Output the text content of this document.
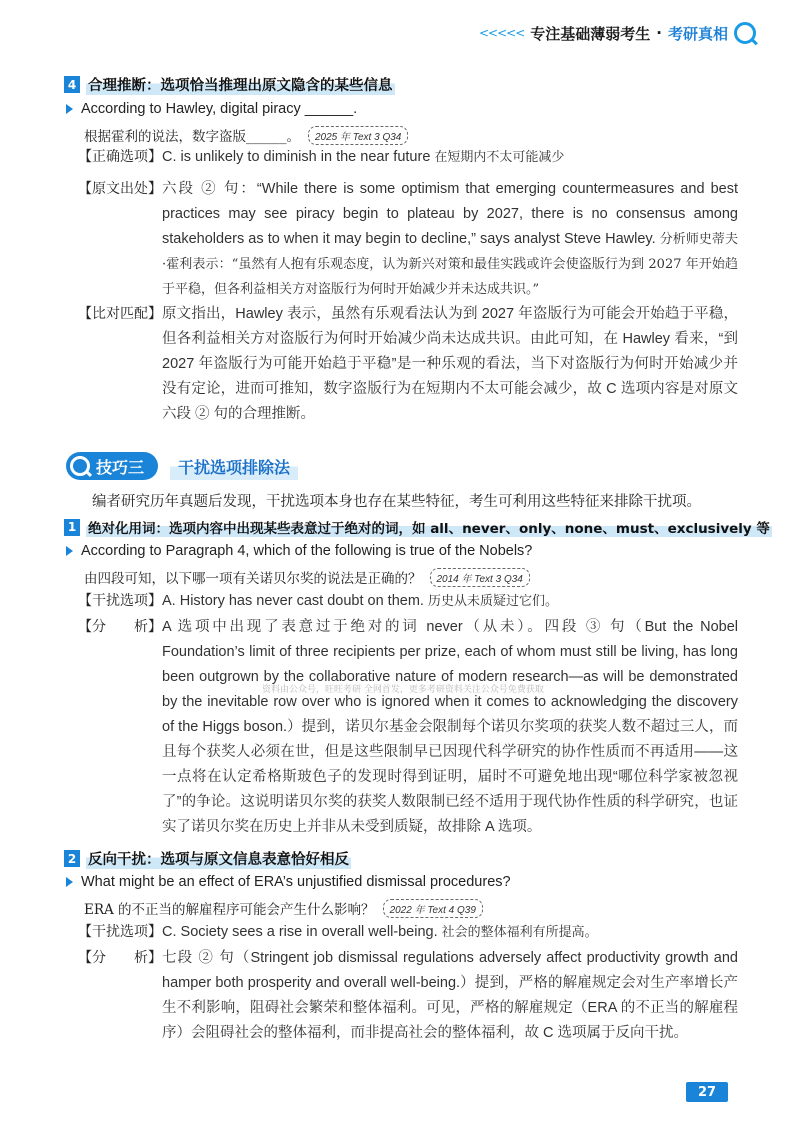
<<<<< 专注基础薄弱考生 · 考研真相
4 合理推断：选项恰当推理出原文隐含的某些信息
According to Hawley, digital piracy ______.
根据霍利的说法，数字盗版______。	2025 年 Text 3 Q34
【正确选项】 C. is unlikely to diminish in the near future 在短期内不太可能减少
【原文出处】 六段 ② 句：“While there is some optimism that emerging countermeasures and best practices may see piracy begin to plateau by 2027, there is no consensus among stakeholders as to when it may begin to decline,” says analyst Steve Hawley. 分析师史蒂夫·霍利表示：“虽然有人抱有乐观态度，认为新兴对策和最佳实践或许会使盗版行为到 2027 年开始趋于平稳，但各利益相关方对盗版行为何时开始减少并未达成共识。”
【比对匹配】 原文指出，Hawley 表示，虽然有乐观看法认为到 2027 年盗版行为可能会开始趋于平稳，但各利益相关方对盗版行为何时开始减少尚未达成共识。由此可知，在 Hawley 看来，“到 2027 年盗版行为可能开始趋于平稳”是一种乐观的看法，当下对盗版行为何时开始减少并没有定论，进而可推知，数字盗版行为在短期内不太可能会减少，故 C 选项内容是对原文六段 ② 句的合理推断。
技巧三	干扰选项排除法
编者研究历年真题后发现，干扰选项本身也存在某些特征，考生可利用这些特征来排除干扰项。
1 绝对化用词：选项内容中出现某些表意过于绝对的词，如 all、never、only、none、must、exclusively 等
According to Paragraph 4, which of the following is true of the Nobels?
由四段可知，以下哪一项有关诺贝尔奖的说法是正确的？	2014 年 Text 3 Q34
【干扰选项】 A. History has never cast doubt on them. 历史从未质疑过它们。
【分　　析】 A 选项中出现了表意过于绝对的词 never（从未）。四段 ③ 句（But the Nobel Foundation’s limit of three recipients per prize, each of whom must still be living, has long been outgrown by the collaborative nature of modern research—as will be demonstrated by the inevitable row over who is ignored when it comes to acknowledging the discovery of the Higgs boson.）提到，诺贝尔基金会限制每个诺贝尔奖项的获奖人数不超过三人，而且每个获奖人必须在世，但是这些限制早已因现代科学研究的协作性质而不再适用——这一点将在认定希格斯玻色子的发现时得到证明，届时不可避免地出现“哪位科学家被忽视了”的争论。这说明诺贝尔奖的获奖人数限制已经不适用于现代协作性质的科学研究，也证实了诺贝尔奖在历史上并非从未受到质疑，故排除 A 选项。
资料由公众号，旺旺考研 全网首发，更多考研资料关注公众号免费获取
2 反向干扰：选项与原文信息表意恰好相反
What might be an effect of ERA’s unjustified dismissal procedures?
ERA 的不正当的解雇程序可能会产生什么影响？	2022 年 Text 4 Q39
【干扰选项】 C. Society sees a rise in overall well-being. 社会的整体福利有所提高。
【分　　析】 七段 ② 句（Stringent job dismissal regulations adversely affect productivity growth and hamper both prosperity and overall well-being.）提到，严格的解雇规定会对生产率增长产生不利影响，阻碍社会繁荣和整体福利。可见，严格的解雇规定（ERA 的不正当的解雇程序）会阻碍社会的整体福利，而非提高社会的整体福利，故 C 选项属于反向干扰。
27
